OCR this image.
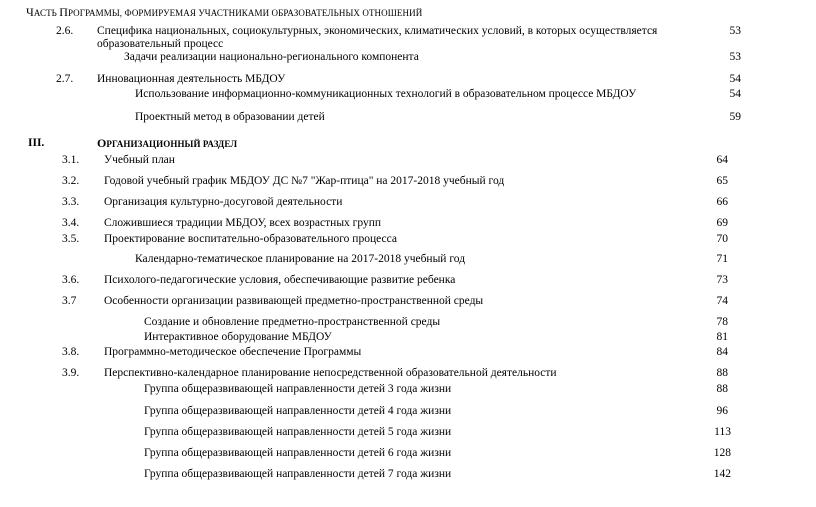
ЧАСТЬ ПРОГРАММЫ, ФОРМИРУЕМАЯ УЧАСТНИКАМИ ОБРАЗОВАТЕЛЬНЫХ ОТНОШЕНИЙ
2.6. Специфика национальных, социокультурных, экономических, климатических условий, в которых осуществляется	53
образовательный процесс
Задачи реализации национально-регионального компонента	53
2.7. Инновационная деятельность МБДОУ	54
Использование информационно-коммуникационных технологий в образовательном процессе МБДОУ	54
Проектный метод в образовании детей	59
III.	ОРГАНИЗАЦИОННЫЙ РАЗДЕЛ
3.1. Учебный план	64
3.2. Годовой учебный график МБДОУ ДС №7 "Жар-птица" на 2017-2018 учебный год	65
3.3. Организация культурно-досуговой деятельности	66
3.4. Сложившиеся традиции МБДОУ, всех возрастных групп	69
3.5. Проектирование воспитательно-образовательного процесса	70
Календарно-тематическое планирование на 2017-2018 учебный год	71
3.6. Психолого-педагогические условия, обеспечивающие развитие ребенка	73
3.7 Особенности организации развивающей предметно-пространственной среды	74
Создание и обновление предметно-пространственной среды	78
Интерактивное оборудование МБДОУ	81
3.8. Программно-методическое обеспечение Программы	84
3.9. Перспективно-календарное планирование непосредственной образовательной деятельности	88
Группа общеразвивающей направленности детей 3 года жизни	88
Группа общеразвивающей направленности детей 4 года жизни	96
Группа общеразвивающей направленности детей 5 года жизни	113
Группа общеразвивающей направленности детей 6 года жизни	128
Группа общеразвивающей направленности детей 7 года жизни	142
